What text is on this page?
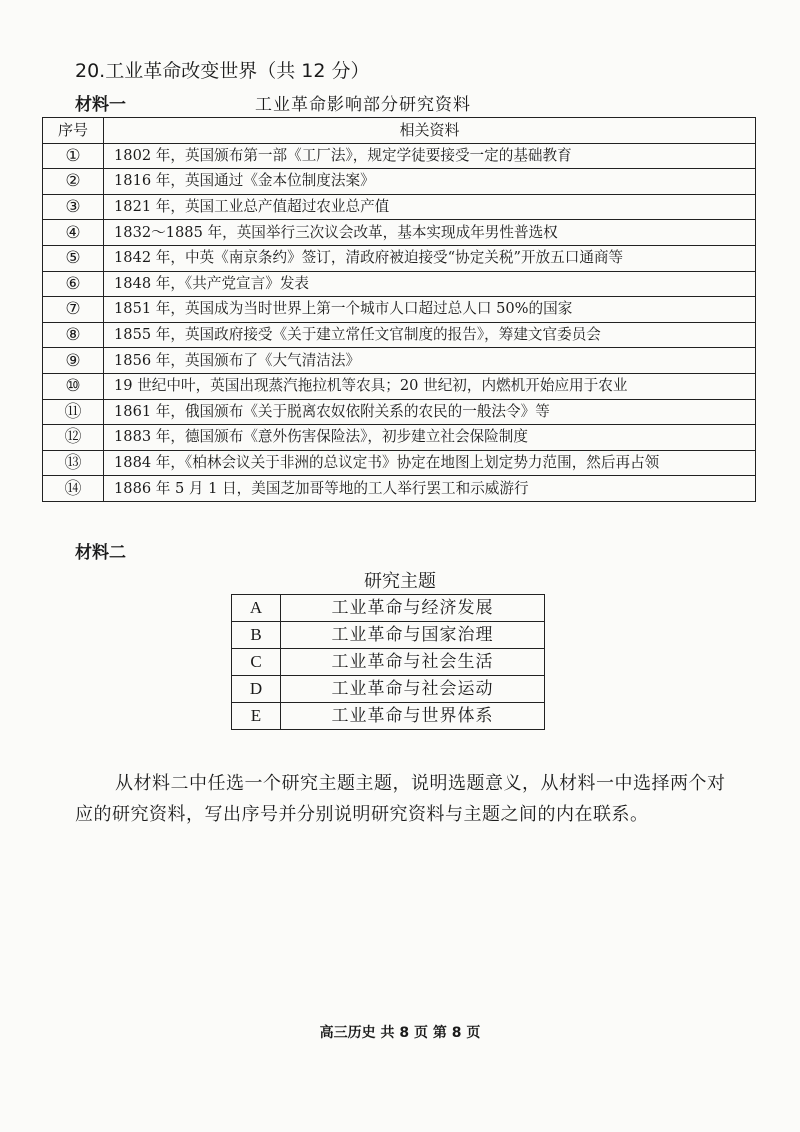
20.工业革命改变世界（共 12 分）
材料一	工业革命影响部分研究资料
序号	相关资料
①	1802 年，英国颁布第一部《工厂法》，规定学徒要接受一定的基础教育
②	1816 年，英国通过《金本位制度法案》
③	1821 年，英国工业总产值超过农业总产值
④	1832～1885 年，英国举行三次议会改革，基本实现成年男性普选权
⑤	1842 年，中英《南京条约》签订，清政府被迫接受“协定关税”开放五口通商等
⑥	1848 年，《共产党宣言》发表
⑦	1851 年，英国成为当时世界上第一个城市人口超过总人口 50%的国家
⑧	1855 年，英国政府接受《关于建立常任文官制度的报告》，筹建文官委员会
⑨	1856 年，英国颁布了《大气清洁法》
⑩	19 世纪中叶，英国出现蒸汽拖拉机等农具；20 世纪初，内燃机开始应用于农业
⑪	1861 年，俄国颁布《关于脱离农奴依附关系的农民的一般法令》等
⑫	1883 年，德国颁布《意外伤害保险法》，初步建立社会保险制度
⑬	1884 年，《柏林会议关于非洲的总议定书》协定在地图上划定势力范围，然后再占领
⑭	1886 年 5 月 1 日，美国芝加哥等地的工人举行罢工和示威游行
材料二
研究主题
A	工业革命与经济发展
B	工业革命与国家治理
C	工业革命与社会生活
D	工业革命与社会运动
E	工业革命与世界体系
从材料二中任选一个研究主题主题，说明选题意义，从材料一中选择两个对应的研究资料，写出序号并分别说明研究资料与主题之间的内在联系。
高三历史 共 8 页 第 8 页
